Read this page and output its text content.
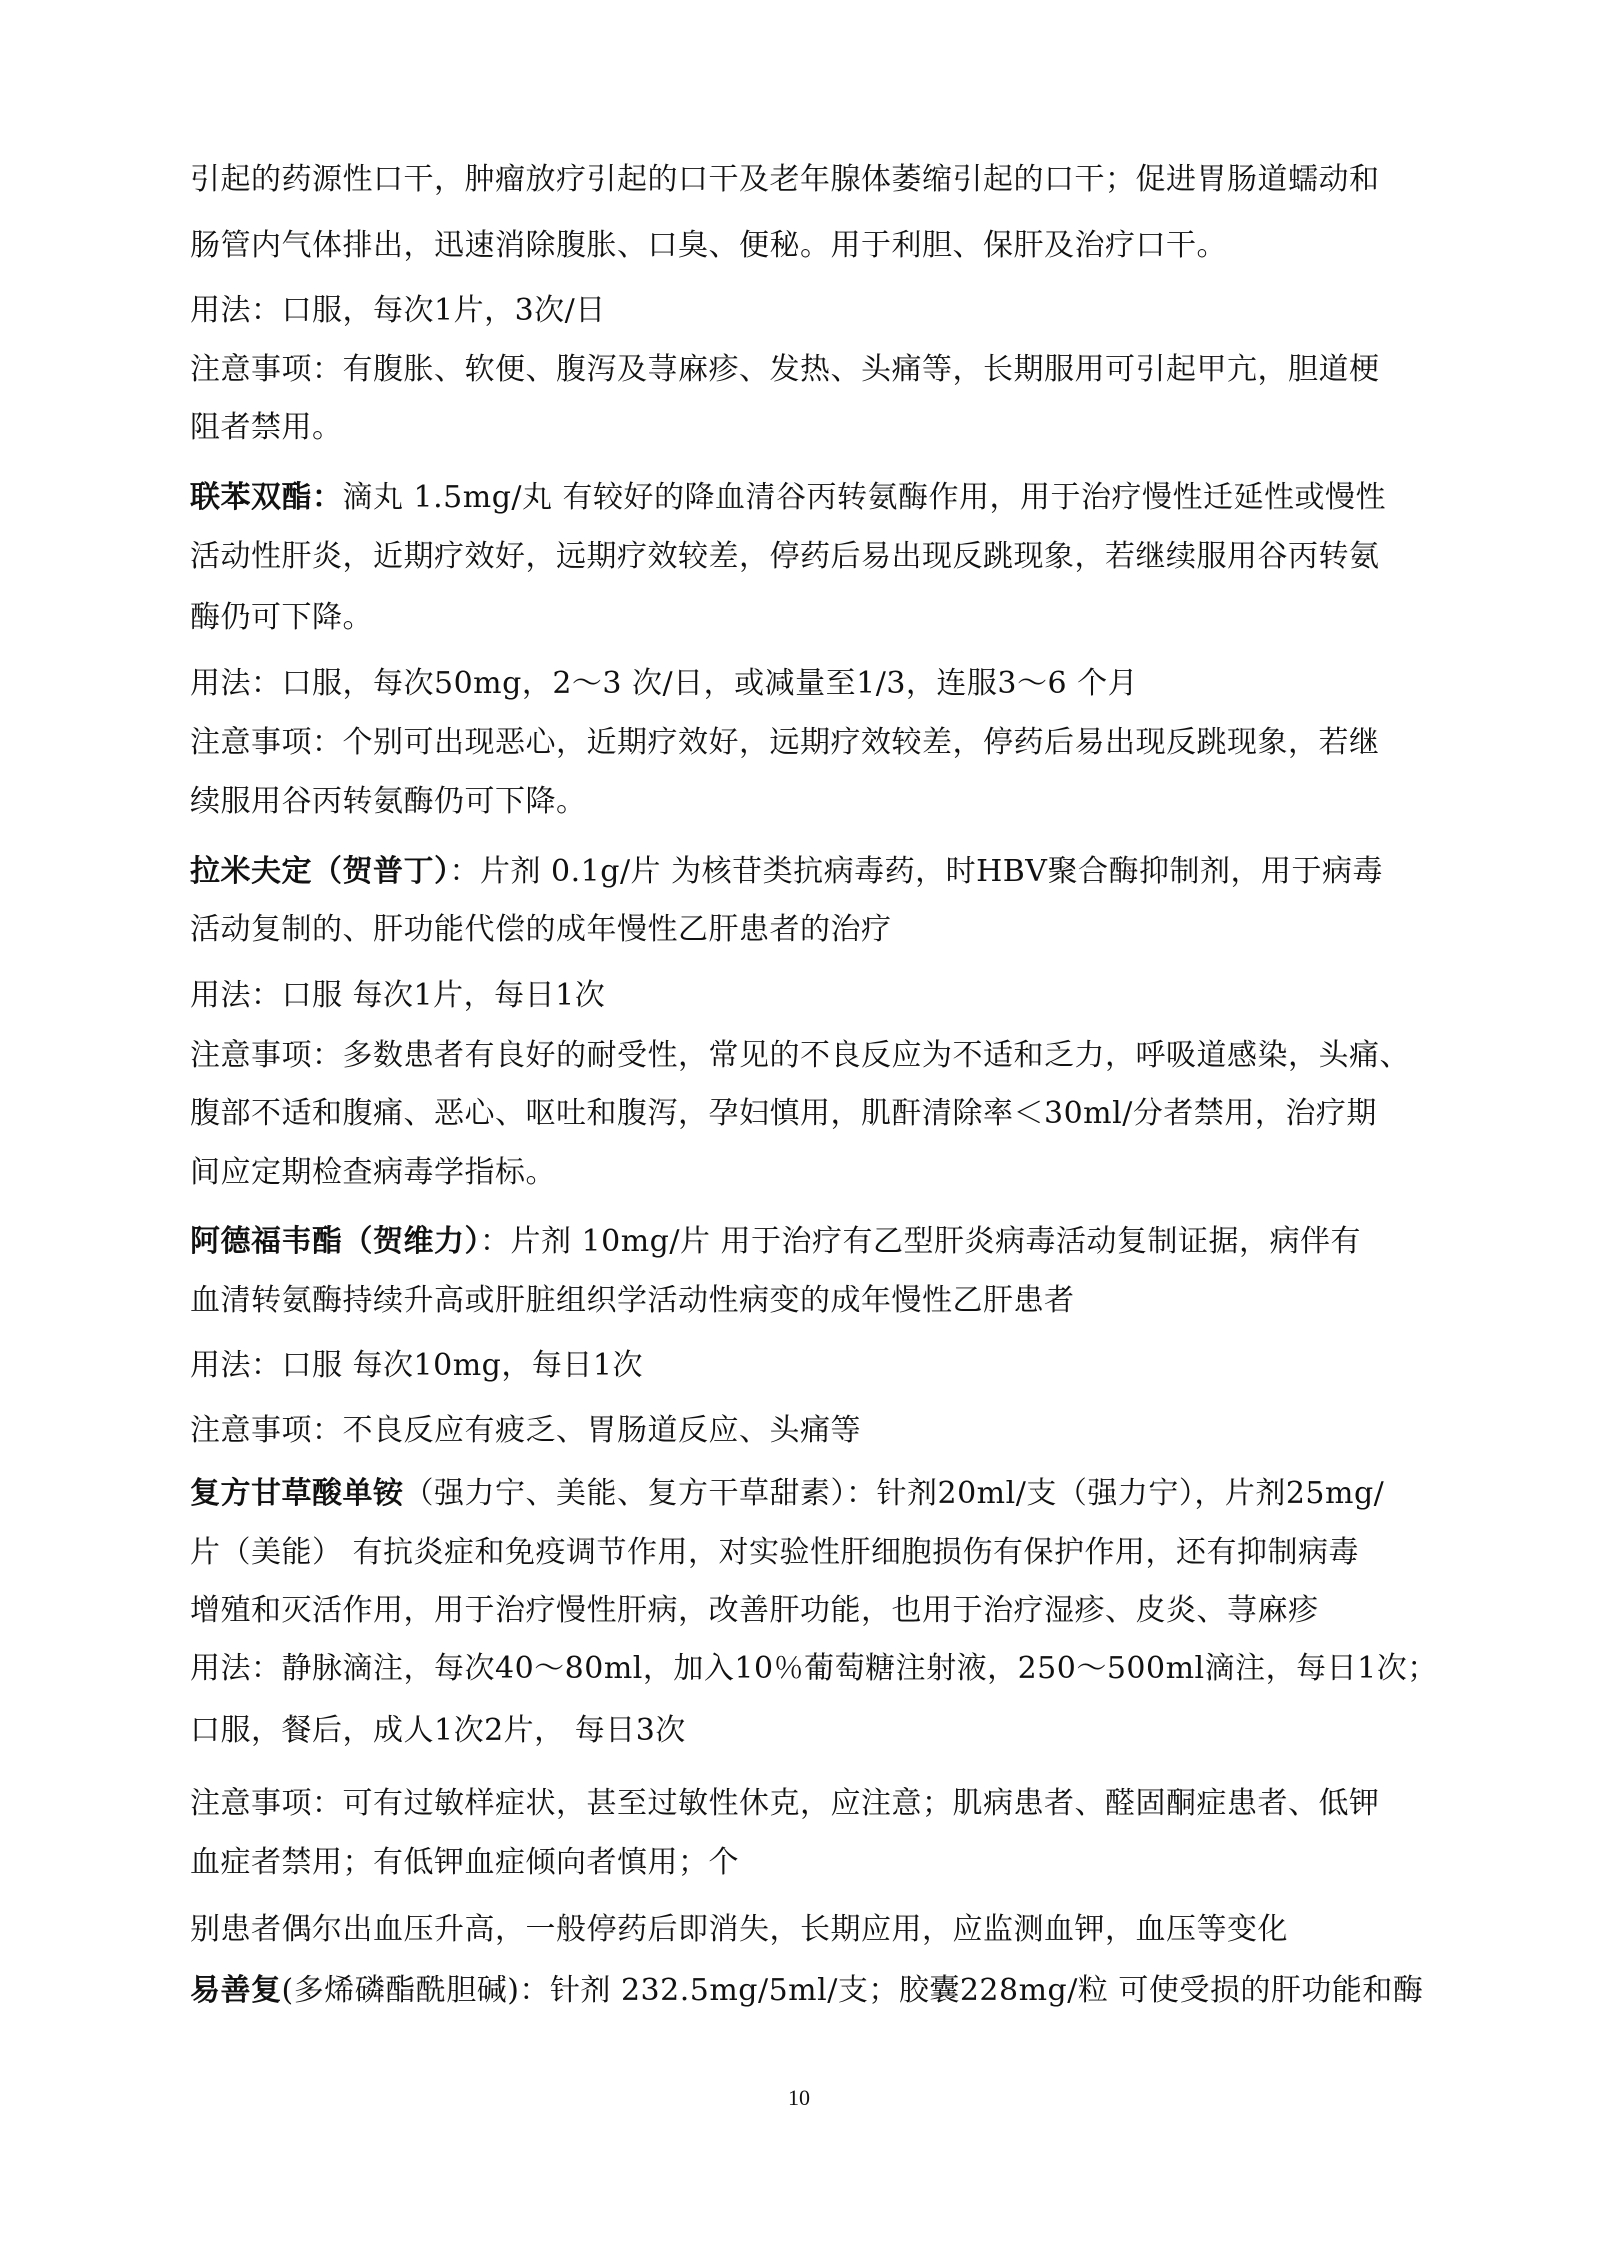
引起的药源性口干，肿瘤放疗引起的口干及老年腺体萎缩引起的口干；促进胃肠道蠕动和
肠管内气体排出，迅速消除腹胀、口臭、便秘。用于利胆、保肝及治疗口干。
用法：口服，每次1片，3次/日
注意事项：有腹胀、软便、腹泻及荨麻疹、发热、头痛等，长期服用可引起甲亢，胆道梗
阻者禁用。
联苯双酯：滴丸 1.5mg/丸 有较好的降血清谷丙转氨酶作用，用于治疗慢性迁延性或慢性
活动性肝炎，近期疗效好，远期疗效较差，停药后易出现反跳现象，若继续服用谷丙转氨
酶仍可下降。
用法：口服，每次50mg，2～3 次/日，或减量至1/3，连服3～6 个月
注意事项：个别可出现恶心，近期疗效好，远期疗效较差，停药后易出现反跳现象，若继
续服用谷丙转氨酶仍可下降。
拉米夫定（贺普丁）：片剂 0.1g/片 为核苷类抗病毒药，时HBV聚合酶抑制剂，用于病毒
活动复制的、肝功能代偿的成年慢性乙肝患者的治疗
用法：口服 每次1片，每日1次
注意事项：多数患者有良好的耐受性，常见的不良反应为不适和乏力，呼吸道感染，头痛、
腹部不适和腹痛、恶心、呕吐和腹泻，孕妇慎用，肌酐清除率＜30ml/分者禁用，治疗期
间应定期检查病毒学指标。
阿德福韦酯（贺维力）：片剂 10mg/片 用于治疗有乙型肝炎病毒活动复制证据，病伴有
血清转氨酶持续升高或肝脏组织学活动性病变的成年慢性乙肝患者
用法：口服 每次10mg，每日1次
注意事项：不良反应有疲乏、胃肠道反应、头痛等
复方甘草酸单铵（强力宁、美能、复方干草甜素）：针剂20ml/支（强力宁），片剂25mg/
片（美能） 有抗炎症和免疫调节作用，对实验性肝细胞损伤有保护作用，还有抑制病毒
增殖和灭活作用，用于治疗慢性肝病，改善肝功能，也用于治疗湿疹、皮炎、荨麻疹
用法：静脉滴注，每次40～80ml，加入10％葡萄糖注射液，250～500ml滴注，每日1次；
口服，餐后，成人1次2片， 每日3次
注意事项：可有过敏样症状，甚至过敏性休克，应注意；肌病患者、醛固酮症患者、低钾
血症者禁用；有低钾血症倾向者慎用；个
别患者偶尔出血压升高，一般停药后即消失，长期应用，应监测血钾，血压等变化
易善复(多烯磷酯酰胆碱)：针剂 232.5mg/5ml/支；胶囊228mg/粒 可使受损的肝功能和酶
10
